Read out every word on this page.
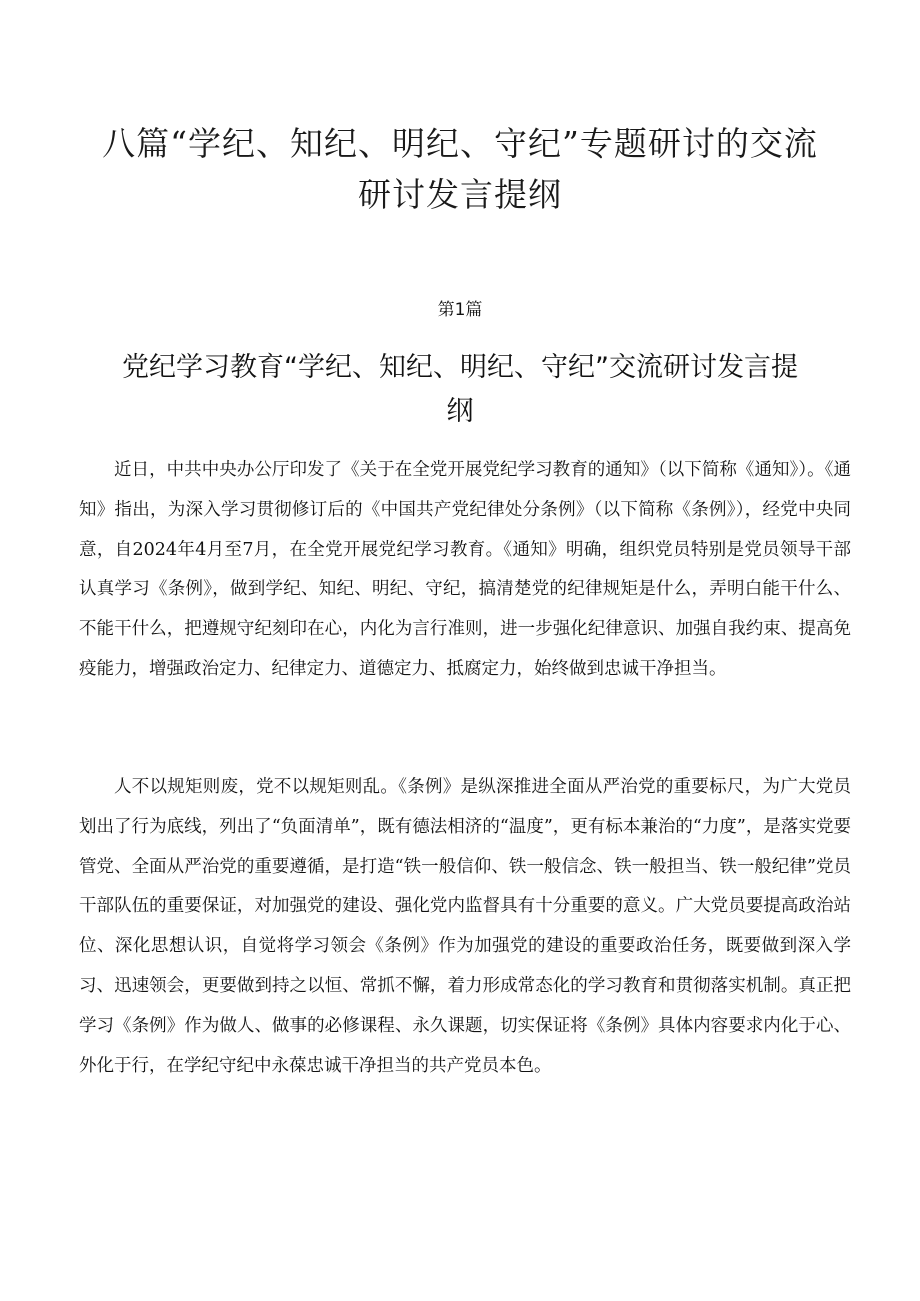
八篇“学纪、知纪、明纪、守纪”专题研讨的交流
研讨发言提纲

第1篇

党纪学习教育“学纪、知纪、明纪、守纪”交流研讨发言提
纲

近日，中共中央办公厅印发了《关于在全党开展党纪学习教育的通知》（以下简称《通知》）。《通知》指出，为深入学习贯彻修订后的《中国共产党纪律处分条例》（以下简称《条例》），经党中央同意，自2024年4月至7月，在全党开展党纪学习教育。《通知》明确，组织党员特别是党员领导干部认真学习《条例》，做到学纪、知纪、明纪、守纪，搞清楚党的纪律规矩是什么，弄明白能干什么、不能干什么，把遵规守纪刻印在心，内化为言行准则，进一步强化纪律意识、加强自我约束、提高免疫能力，增强政治定力、纪律定力、道德定力、抵腐定力，始终做到忠诚干净担当。

人不以规矩则废，党不以规矩则乱。《条例》是纵深推进全面从严治党的重要标尺，为广大党员划出了行为底线，列出了“负面清单”，既有德法相济的“温度”，更有标本兼治的“力度”，是落实党要管党、全面从严治党的重要遵循，是打造“铁一般信仰、铁一般信念、铁一般担当、铁一般纪律”党员干部队伍的重要保证，对加强党的建设、强化党内监督具有十分重要的意义。广大党员要提高政治站位、深化思想认识，自觉将学习领会《条例》作为加强党的建设的重要政治任务，既要做到深入学习、迅速领会，更要做到持之以恒、常抓不懈，着力形成常态化的学习教育和贯彻落实机制。真正把学习《条例》作为做人、做事的必修课程、永久课题，切实保证将《条例》具体内容要求内化于心、外化于行，在学纪守纪中永葆忠诚干净担当的共产党员本色。
